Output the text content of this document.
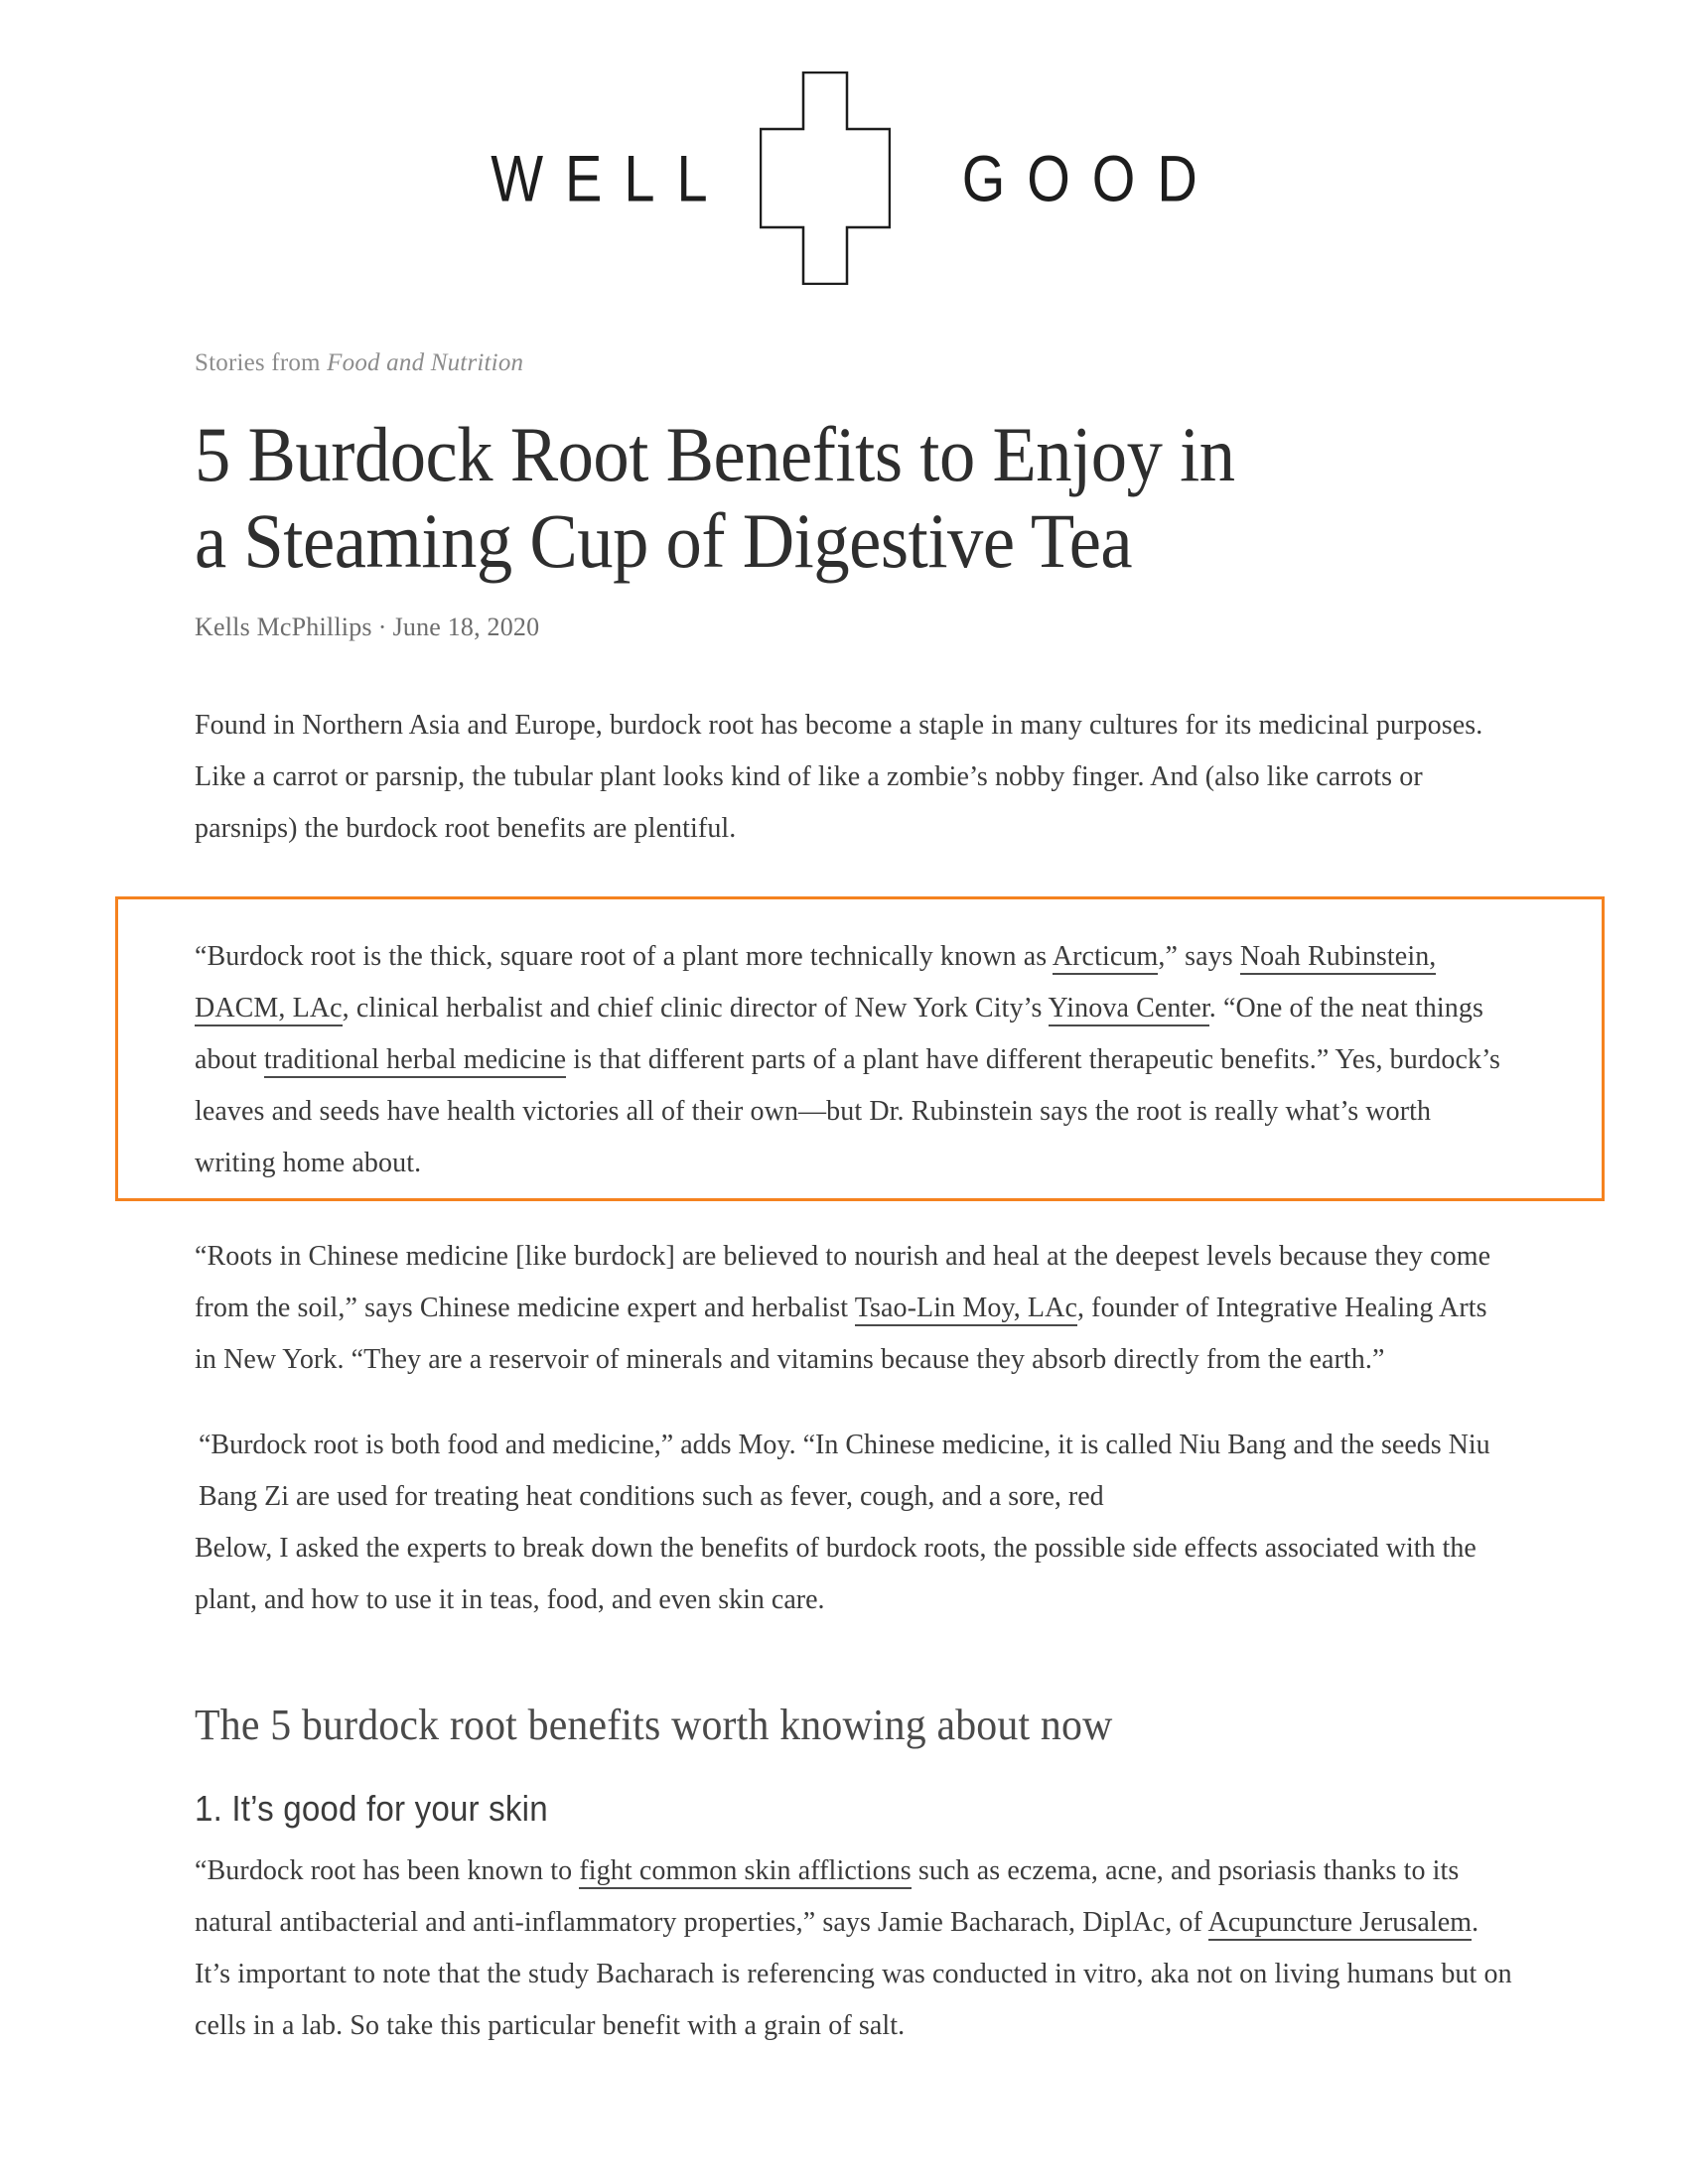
WELL	GOOD
Stories from Food and Nutrition
5 Burdock Root Benefits to Enjoy in
a Steaming Cup of Digestive Tea
Kells McPhillips · June 18, 2020

Found in Northern Asia and Europe, burdock root has become a staple in many cultures for its medicinal purposes. Like a carrot or parsnip, the tubular plant looks kind of like a zombie’s nobby finger. And (also like carrots or parsnips) the burdock root benefits are plentiful.

“Burdock root is the thick, square root of a plant more technically known as Arcticum,” says Noah Rubinstein, DACM, LAc, clinical herbalist and chief clinic director of New York City’s Yinova Center. “One of the neat things about traditional herbal medicine is that different parts of a plant have different therapeutic benefits.” Yes, burdock’s leaves and seeds have health victories all of their own—but Dr. Rubinstein says the root is really what’s worth writing home about.

“Roots in Chinese medicine [like burdock] are believed to nourish and heal at the deepest levels because they come from the soil,” says Chinese medicine expert and herbalist Tsao-Lin Moy, LAc, founder of Integrative Healing Arts in New York. “They are a reservoir of minerals and vitamins because they absorb directly from the earth.”

“Burdock root is both food and medicine,” adds Moy. “In Chinese medicine, it is called Niu Bang and the seeds Niu Bang Zi are used for treating heat conditions such as fever, cough, and a sore, red

Below, I asked the experts to break down the benefits of burdock roots, the possible side effects associated with the plant, and how to use it in teas, food, and even skin care.

The 5 burdock root benefits worth knowing about now
1. It’s good for your skin

“Burdock root has been known to fight common skin afflictions such as eczema, acne, and psoriasis thanks to its natural antibacterial and anti-inflammatory properties,” says Jamie Bacharach, DiplAc, of Acupuncture Jerusalem. It’s important to note that the study Bacharach is referencing was conducted in vitro, aka not on living humans but on cells in a lab. So take this particular benefit with a grain of salt.
